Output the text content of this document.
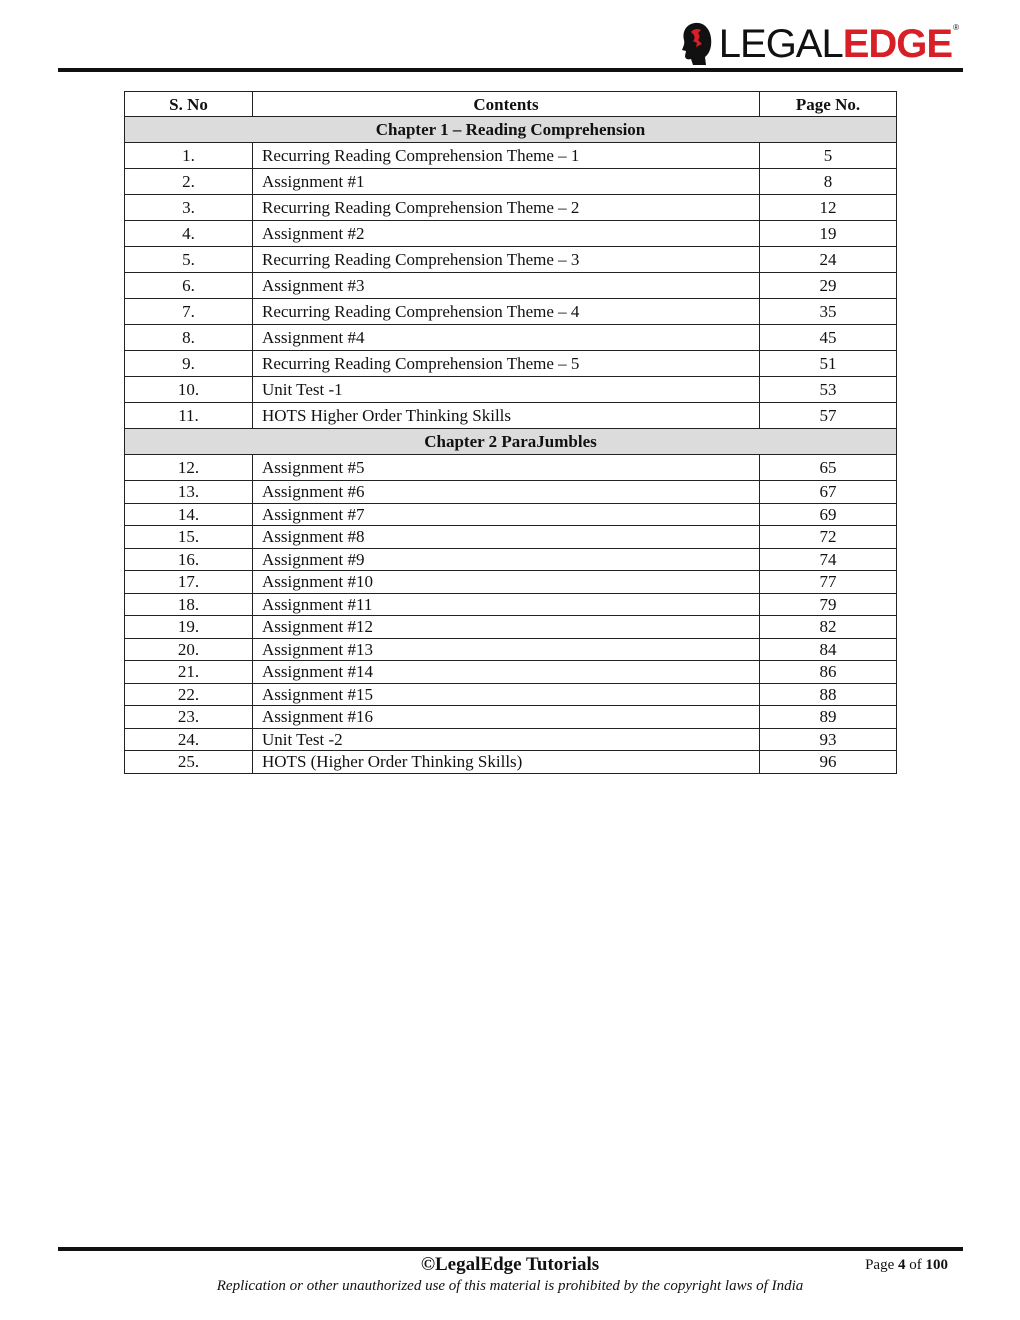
LEGALEDGE®
S. No	Contents	Page No.
Chapter 1 – Reading Comprehension		
1.	Recurring Reading Comprehension Theme – 1	5
2.	Assignment #1	8
3.	Recurring Reading Comprehension Theme – 2	12
4.	Assignment #2	19
5.	Recurring Reading Comprehension Theme – 3	24
6.	Assignment #3	29
7.	Recurring Reading Comprehension Theme – 4	35
8.	Assignment #4	45
9.	Recurring Reading Comprehension Theme – 5	51
10.	Unit Test -1	53
11.	HOTS Higher Order Thinking Skills	57
Chapter 2 ParaJumbles		
12.	Assignment #5	65
13.	Assignment #6	67
14.	Assignment #7	69
15.	Assignment #8	72
16.	Assignment #9	74
17.	Assignment #10	77
18.	Assignment #11	79
19.	Assignment #12	82
20.	Assignment #13	84
21.	Assignment #14	86
22.	Assignment #15	88
23.	Assignment #16	89
24.	Unit Test -2	93
25.	HOTS (Higher Order Thinking Skills)	96
©LegalEdge Tutorials	Page 4 of 100
Replication or other unauthorized use of this material is prohibited by the copyright laws of India
